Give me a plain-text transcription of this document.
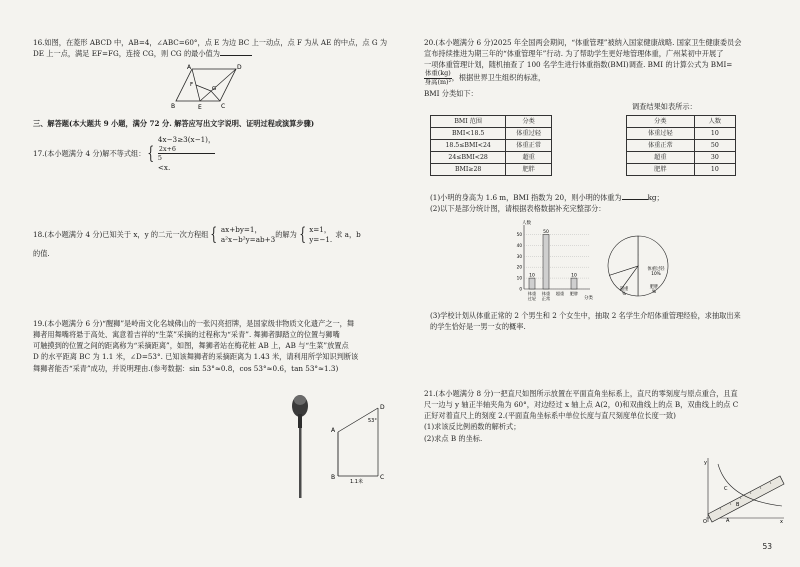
16.如图，在菱形 ABCD 中，AB=4，∠ABC=60°，点 E 为边 BC 上一动点，点 F 为从 AE 的中点，点 G 为
DE 上一点，满足 EF=FG，连接 CG，则 CG 的最小值为
A	D
F
G
B	E	C
三、解答题(本大题共 9 小题，满分 72 分. 解答应写出文字说明、证明过程或演算步骤)
17.(本小题满分 4 分)解不等式组： {
4x−3≥3(x−1)，
2x+6
5
<x.
18.(本小题满分 4 分)已知关于 x，y 的二元一次方程组 { ax+by=1，
a²x−b²y=ab+3
的解为 { x=1，
y=−1.
求 a，b
的值.
19.(本小题满分 6 分)“醒狮”是岭南文化名城佛山的一张闪亮招牌，是国家级非物质文化遗产之一，舞
狮者用舞嘴将悬于高处、寓意着吉祥的“生菜”采摘的过程称为“采青”. 舞狮者脚踏立的位置与狮嘴
可触摸到的位置之间的距离称为“采摘距离”，如图，舞狮者站在梅花桩 AB 上，AB 与“生菜”放置点
D 的水平距离 BC 为 1.1 米，∠D=53°. 已知该舞狮者的采摘距离为 1.43 米，请利用所学知识判断该
舞狮者能否“采青”成功，并说明理由.(参考数据：sin 53°≈0.8，cos 53°≈0.6，tan 53°≈1.3)
A
B	C
D
53°
1.1米
20.(本小题满分 6 分)2025 年全国两会期间，“体重管理”被纳入国家健康战略. 国家卫生健康委员会
宣布持续推进为期三年的“体重管理年”行动. 为了帮助学生更好地管理体重，广州某初中开展了
一项体重管理计划，随机抽查了 100 名学生进行体重指数(BMI)调查. BMI 的计算公式为 BMI=
$\frac{\text{体重(kg)}}{\text{身高(m)²}}$ ，根据世界卫生组织的标准，
BMI 分类如下：
调查结果如表所示：
BMI 范围	分类
BMI<18.5	体重过轻
18.5≤BMI<24	体重正常
24≤BMI<28	超重
BMI≥28	肥胖
分类	人数
体重过轻	10
体重正常	50
超重	30
肥胖	10
(1)小明的身高为 1.6 m，BMI 指数为 20，则小明的体重为	kg；
(2)以下是部分统计图，请根据表格数据补充完整部分：
人数
分类
0
10
20
30
40
50
10
体重
过轻
50
体重
正常
超重
10
肥胖
体重过轻
10%
肥胖
%
超重
%
(3)学校计划从体重正常的 2 个男生和 2 个女生中，抽取 2 名学生介绍体重管理经验，求抽取出来
的学生恰好是一男一女的概率.
21.(本小题满分 8 分)一把直尺如图所示放置在平面直角坐标系上，直尺的零刻度与原点重合，且直
尺一边与 y 轴正半轴夹角为 60°，对边经过 x 轴上点 A(2，0)和双曲线上的点 B，双曲线上的点 C
正好对着直尺上的刻度 2.(平面直角坐标系中单位长度与直尺刻度单位长度一致)
(1)求该反比例函数的解析式；
(2)求点 B 的坐标.
y
x
O	A
B
C
53
